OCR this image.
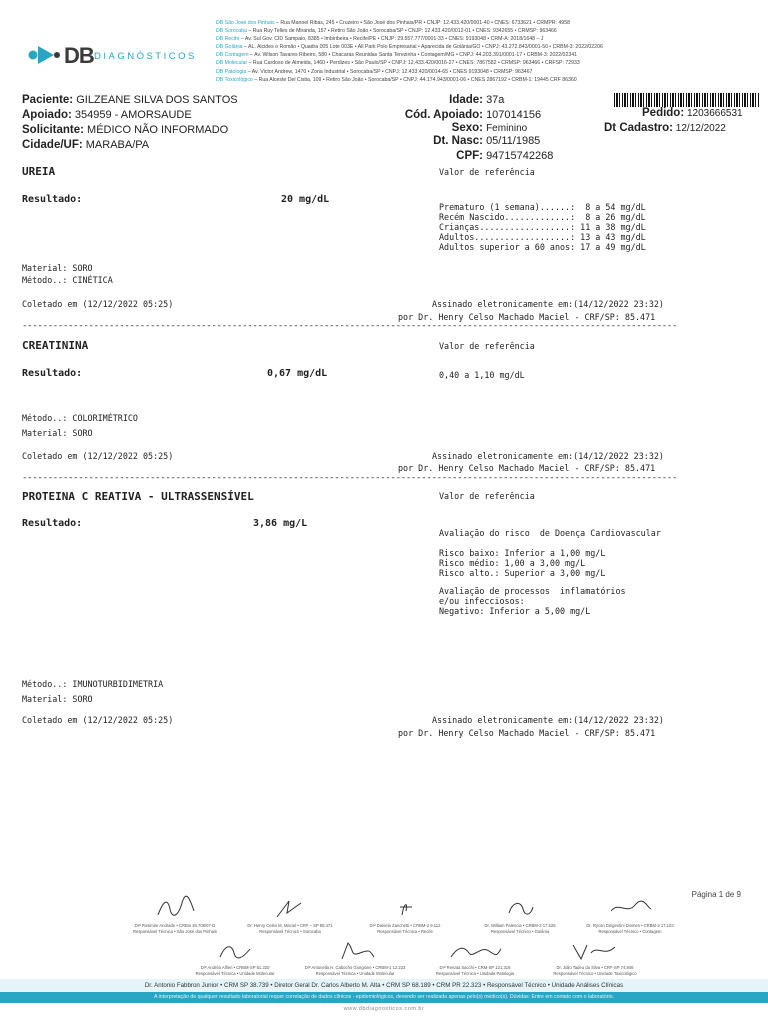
DB DIAGNÓSTICOS
DB São José dos Pinhais – Rua Manoel Ribas, 245 • Cruzeiro • São José dos Pinhais/PR • CNJP: 12.433.420/0001-40 • CNES: 6733621 • CRMPR: 4958
DB Sorocaba – Rua Ruy Telles de Miranda, 157 • Retiro São João • Sorocaba/SP • CNJP: 12.433.420/0012-01 • CNES: 9342655 • CRMSP: 963466
DB Recife – Av. Sul Gov. CID Sampaio, 8385 • Imbiribeira • Recife/PE • CNJP: 29.557.777/0001-33 • CNES: 9193048 • CRM-A: 2018/1648 – J
DB Goiânia – AL. Alcides o Romão • Quadra 005 Lote 003E • All Park Polo Empresarial • Aparecida de Goiânia/GO • CNPJ: 43.272.843/0001-50 • CRBM-3: 2022/02206
DB Contagem – Av. Wilson Tavares Ribeiro, 580 • Chacaras Reunidas Santa Terezinha • Contagem/MG • CNPJ: 44.203.391/0001-17 • CRBM-3: 2022/02341
DB Molecular – Rua Cardoso de Almeida, 1460 • Perdizes • São Paulo/SP • CNPJ: 12.433.420/0016-27 • CNES: 7867582 • CRMSP: 963466 • CRFSP: 72933
DB Patologia – Av. Victor Andrew, 1470 • Zona Industrial • Sorocaba/SP • CNPJ: 12.433.420/0014-65 • CNES 9193048 • CRMSP: 963467
DB Toxicológico – Rua Alceste Del Cistia, 109 • Retiro São João • Sorocaba/SP • CNPJ: 44.174.943/0001-06 • CNES 2867192 • CRBM-1: 19445 CRF 86360
Paciente: GILZEANE SILVA DOS SANTOS
Apoiado: 354959 - AMORSAUDE
Solicitante: MÉDICO NÃO INFORMADO
Cidade/UF: MARABA/PA
Idade:
37a
Cód. Apoiado:
107014156
Sexo:
Feminino
Dt. Nasc:
05/11/1985
CPF:
94715742268
Pedido: 1203666531
Dt Cadastro: 12/12/2022
UREIA	Valor de referência
Resultado:	20 mg/dL

Prematuro (1 semana)......:  8 a 54 mg/dL
Recém Nascido.............:  8 a 26 mg/dL
Crianças..................: 11 a 38 mg/dL
Adultos...................: 13 a 43 mg/dL
Adultos superior a 60 anos: 17 a 49 mg/dL

Material: SORO
Método..: CINÉTICA
Coletado em (12/12/2022 05:25)	Assinado eletronicamente em:(14/12/2022 23:32)
por Dr. Henry Celso Machado Maciel - CRF/SP: 85.471
--------------------------------------------------------------------------------------------------------------------------------
CREATININA	Valor de referência
Resultado:	0,67 mg/dL	0,40 a 1,10 mg/dL
Método..: COLORIMÉTRICO
Material: SORO
Coletado em (12/12/2022 05:25)	Assinado eletronicamente em:(14/12/2022 23:32)
por Dr. Henry Celso Machado Maciel - CRF/SP: 85.471
--------------------------------------------------------------------------------------------------------------------------------
PROTEINA C REATIVA - ULTRASSENSÍVEL	Valor de referência
Resultado:	3,86 mg/L

Avaliação do risco  de Doença Cardiovascular
Risco baixo: Inferior a 1,00 mg/L
Risco médio: 1,00 a 3,00 mg/L
Risco alto.: Superior a 3,00 mg/L
Avaliação de processos  inflamatórios
e/ou infecciosos:
Negativo: Inferior a 5,00 mg/L

Método..: IMUNOTURBIDIMETRIA
Material: SORO
Coletado em (12/12/2022 05:25)	Assinado eletronicamente em:(14/12/2022 23:32)
por Dr. Henry Celso Machado Maciel - CRF/SP: 85.471
Página 1 de 9
Drª Rosimire Andrade • CRBio 25.708/07-D
Responsável Técnica • São José dos Pinhais
Dr. Henry Celso M. Maciel • CRF – SP 85.471
Responsável Técnico • Sorocaba
Drª Daniela Zanchetti • CRBM-2 9.112
Responsável Técnica • Recife
Dr. William Palencia • CRBM-3 17.526
Responsável Técnico • Goiânia
Dr. Rycon Dirigentini Dinmes • CRBM-3 17.103
Responsável Técnico • Contagem
Drª Andréa Alfieri • CRBM-SP 61.320
Responsável Técnica • Unidade Molecular
Drª Antonella H. Cabocho Giorgione • CRBM-1 12.223
Responsável Técnica • Unidade Molecular
Drª Renata Sacchi • CRM-SP 121.316
Responsável Técnica • Unidade Patologia
Dr. Júlio Tadeu da Silva • CRF-SP 74.846
Responsável Técnico • Unidade Toxicológico
Dr. Antonio Fabbron Junior • CRM SP 38.739 • Diretor Geral Dr. Carlos Alberto M. Alta • CRM SP 68.189 • CRM PR 22.323 • Responsável Técnico • Unidade Análises Clínicas
A interpretação de qualquer resultado laboratorial requer correlação de dados clínicos - epidemiológicos, devendo ser realizada apenas pelo(s) médico(s). Dúvidas: Entre em contato com o laboratório.
www.dbdiagnosticos.com.br
